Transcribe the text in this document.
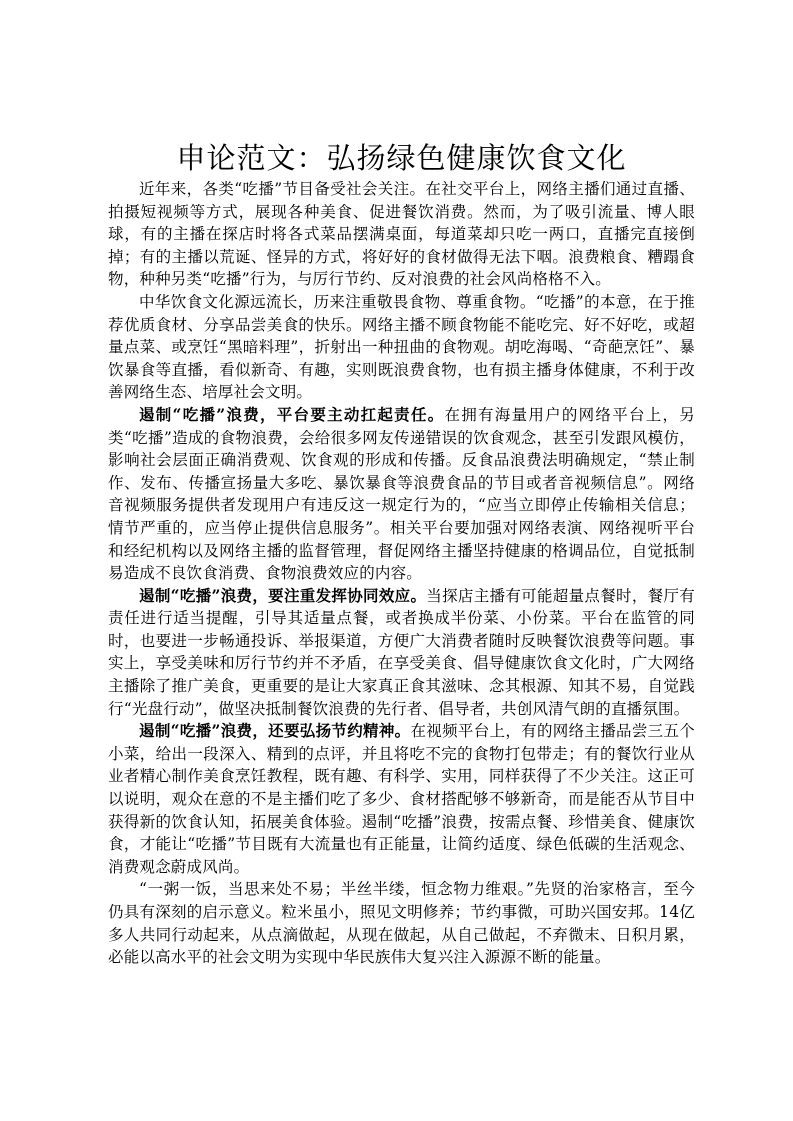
申论范文：弘扬绿色健康饮食文化

近年来，各类“吃播”节目备受社会关注。在社交平台上，网络主播们通过直播、拍摄短视频等方式，展现各种美食、促进餐饮消费。然而，为了吸引流量、博人眼球，有的主播在探店时将各式菜品摆满桌面，每道菜却只吃一两口，直播完直接倒掉；有的主播以荒诞、怪异的方式，将好好的食材做得无法下咽。浪费粮食、糟蹋食物，种种另类“吃播”行为，与厉行节约、反对浪费的社会风尚格格不入。

中华饮食文化源远流长，历来注重敬畏食物、尊重食物。“吃播”的本意，在于推荐优质食材、分享品尝美食的快乐。网络主播不顾食物能不能吃完、好不好吃，或超量点菜、或烹饪“黑暗料理”，折射出一种扭曲的食物观。胡吃海喝、“奇葩烹饪”、暴饮暴食等直播，看似新奇、有趣，实则既浪费食物，也有损主播身体健康，不利于改善网络生态、培厚社会文明。

遏制“吃播”浪费，平台要主动扛起责任。在拥有海量用户的网络平台上，另类“吃播”造成的食物浪费，会给很多网友传递错误的饮食观念，甚至引发跟风模仿，影响社会层面正确消费观、饮食观的形成和传播。反食品浪费法明确规定，“禁止制作、发布、传播宣扬量大多吃、暴饮暴食等浪费食品的节目或者音视频信息”。网络音视频服务提供者发现用户有违反这一规定行为的，“应当立即停止传输相关信息；情节严重的，应当停止提供信息服务”。相关平台要加强对网络表演、网络视听平台和经纪机构以及网络主播的监督管理，督促网络主播坚持健康的格调品位，自觉抵制易造成不良饮食消费、食物浪费效应的内容。

遏制“吃播”浪费，要注重发挥协同效应。当探店主播有可能超量点餐时，餐厅有责任进行适当提醒，引导其适量点餐，或者换成半份菜、小份菜。平台在监管的同时，也要进一步畅通投诉、举报渠道，方便广大消费者随时反映餐饮浪费等问题。事实上，享受美味和厉行节约并不矛盾，在享受美食、倡导健康饮食文化时，广大网络主播除了推广美食，更重要的是让大家真正食其滋味、念其根源、知其不易，自觉践行“光盘行动”，做坚决抵制餐饮浪费的先行者、倡导者，共创风清气朗的直播氛围。

遏制“吃播”浪费，还要弘扬节约精神。在视频平台上，有的网络主播品尝三五个小菜，给出一段深入、精到的点评，并且将吃不完的食物打包带走；有的餐饮行业从业者精心制作美食烹饪教程，既有趣、有科学、实用，同样获得了不少关注。这正可以说明，观众在意的不是主播们吃了多少、食材搭配够不够新奇，而是能否从节目中获得新的饮食认知，拓展美食体验。遏制“吃播”浪费，按需点餐、珍惜美食、健康饮食，才能让“吃播”节目既有大流量也有正能量，让简约适度、绿色低碳的生活观念、消费观念蔚成风尚。

“一粥一饭，当思来处不易；半丝半缕，恒念物力维艰。”先贤的治家格言，至今仍具有深刻的启示意义。粒米虽小，照见文明修养；节约事微，可助兴国安邦。14亿多人共同行动起来，从点滴做起，从现在做起，从自己做起，不弃微末、日积月累，必能以高水平的社会文明为实现中华民族伟大复兴注入源源不断的能量。
